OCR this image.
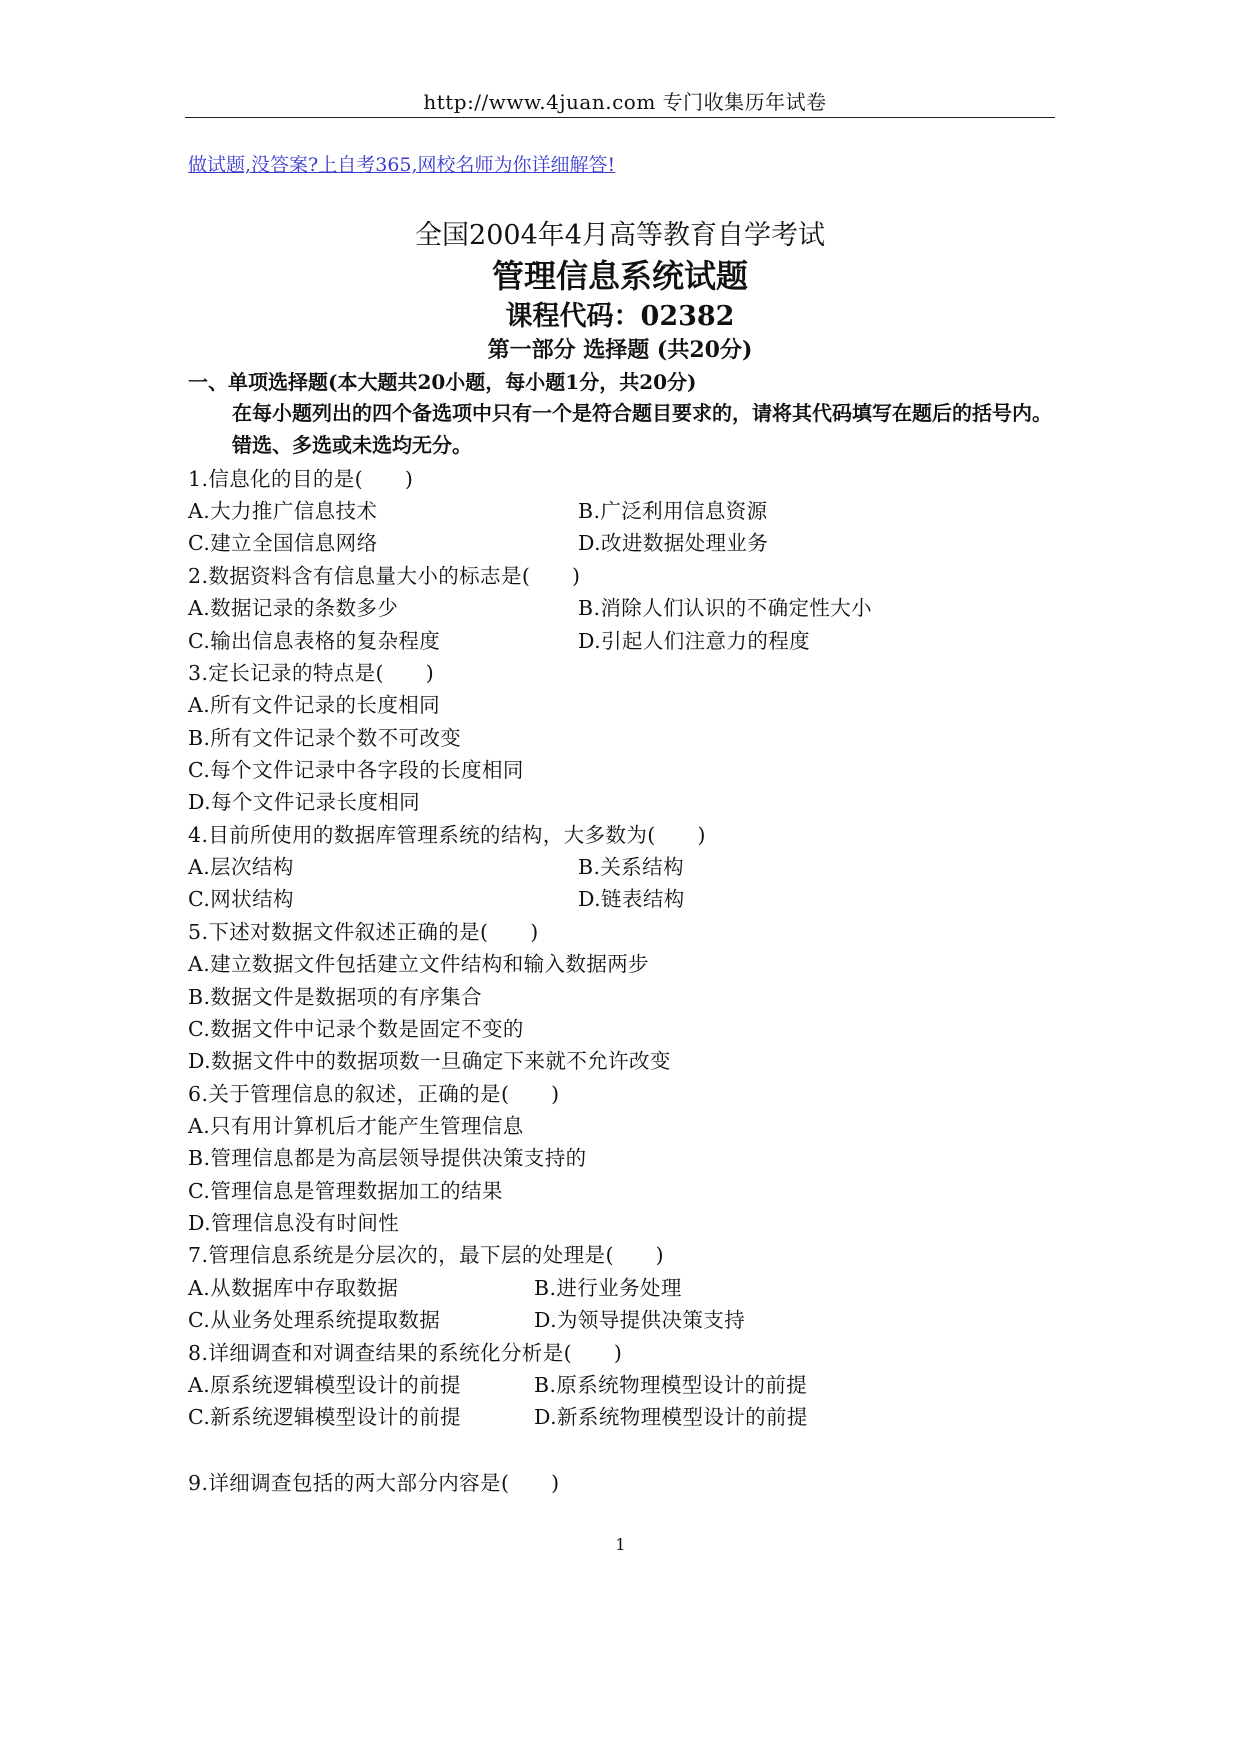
http://www.4juan.com 专门收集历年试卷
做试题,没答案?上自考365,网校名师为你详细解答!
全国2004年4月高等教育自学考试
管理信息系统试题
课程代码：02382
第一部分 选择题 (共20分)
一、单项选择题(本大题共20小题，每小题1分，共20分)
在每小题列出的四个备选项中只有一个是符合题目要求的，请将其代码填写在题后的括号内。错选、多选或未选均无分。
1.信息化的目的是(　　)
A.大力推广信息技术	B.广泛利用信息资源
C.建立全国信息网络	D.改进数据处理业务
2.数据资料含有信息量大小的标志是(　　)
A.数据记录的条数多少	B.消除人们认识的不确定性大小
C.输出信息表格的复杂程度	D.引起人们注意力的程度
3.定长记录的特点是(　　)
A.所有文件记录的长度相同
B.所有文件记录个数不可改变
C.每个文件记录中各字段的长度相同
D.每个文件记录长度相同
4.目前所使用的数据库管理系统的结构，大多数为(　　)
A.层次结构	B.关系结构
C.网状结构	D.链表结构
5.下述对数据文件叙述正确的是(　　)
A.建立数据文件包括建立文件结构和输入数据两步
B.数据文件是数据项的有序集合
C.数据文件中记录个数是固定不变的
D.数据文件中的数据项数一旦确定下来就不允许改变
6.关于管理信息的叙述，正确的是(　　)
A.只有用计算机后才能产生管理信息
B.管理信息都是为高层领导提供决策支持的
C.管理信息是管理数据加工的结果
D.管理信息没有时间性
7.管理信息系统是分层次的，最下层的处理是(　　)
A.从数据库中存取数据	B.进行业务处理
C.从业务处理系统提取数据	D.为领导提供决策支持
8.详细调查和对调查结果的系统化分析是(　　)
A.原系统逻辑模型设计的前提	B.原系统物理模型设计的前提
C.新系统逻辑模型设计的前提	D.新系统物理模型设计的前提
9.详细调查包括的两大部分内容是(　　)
1
